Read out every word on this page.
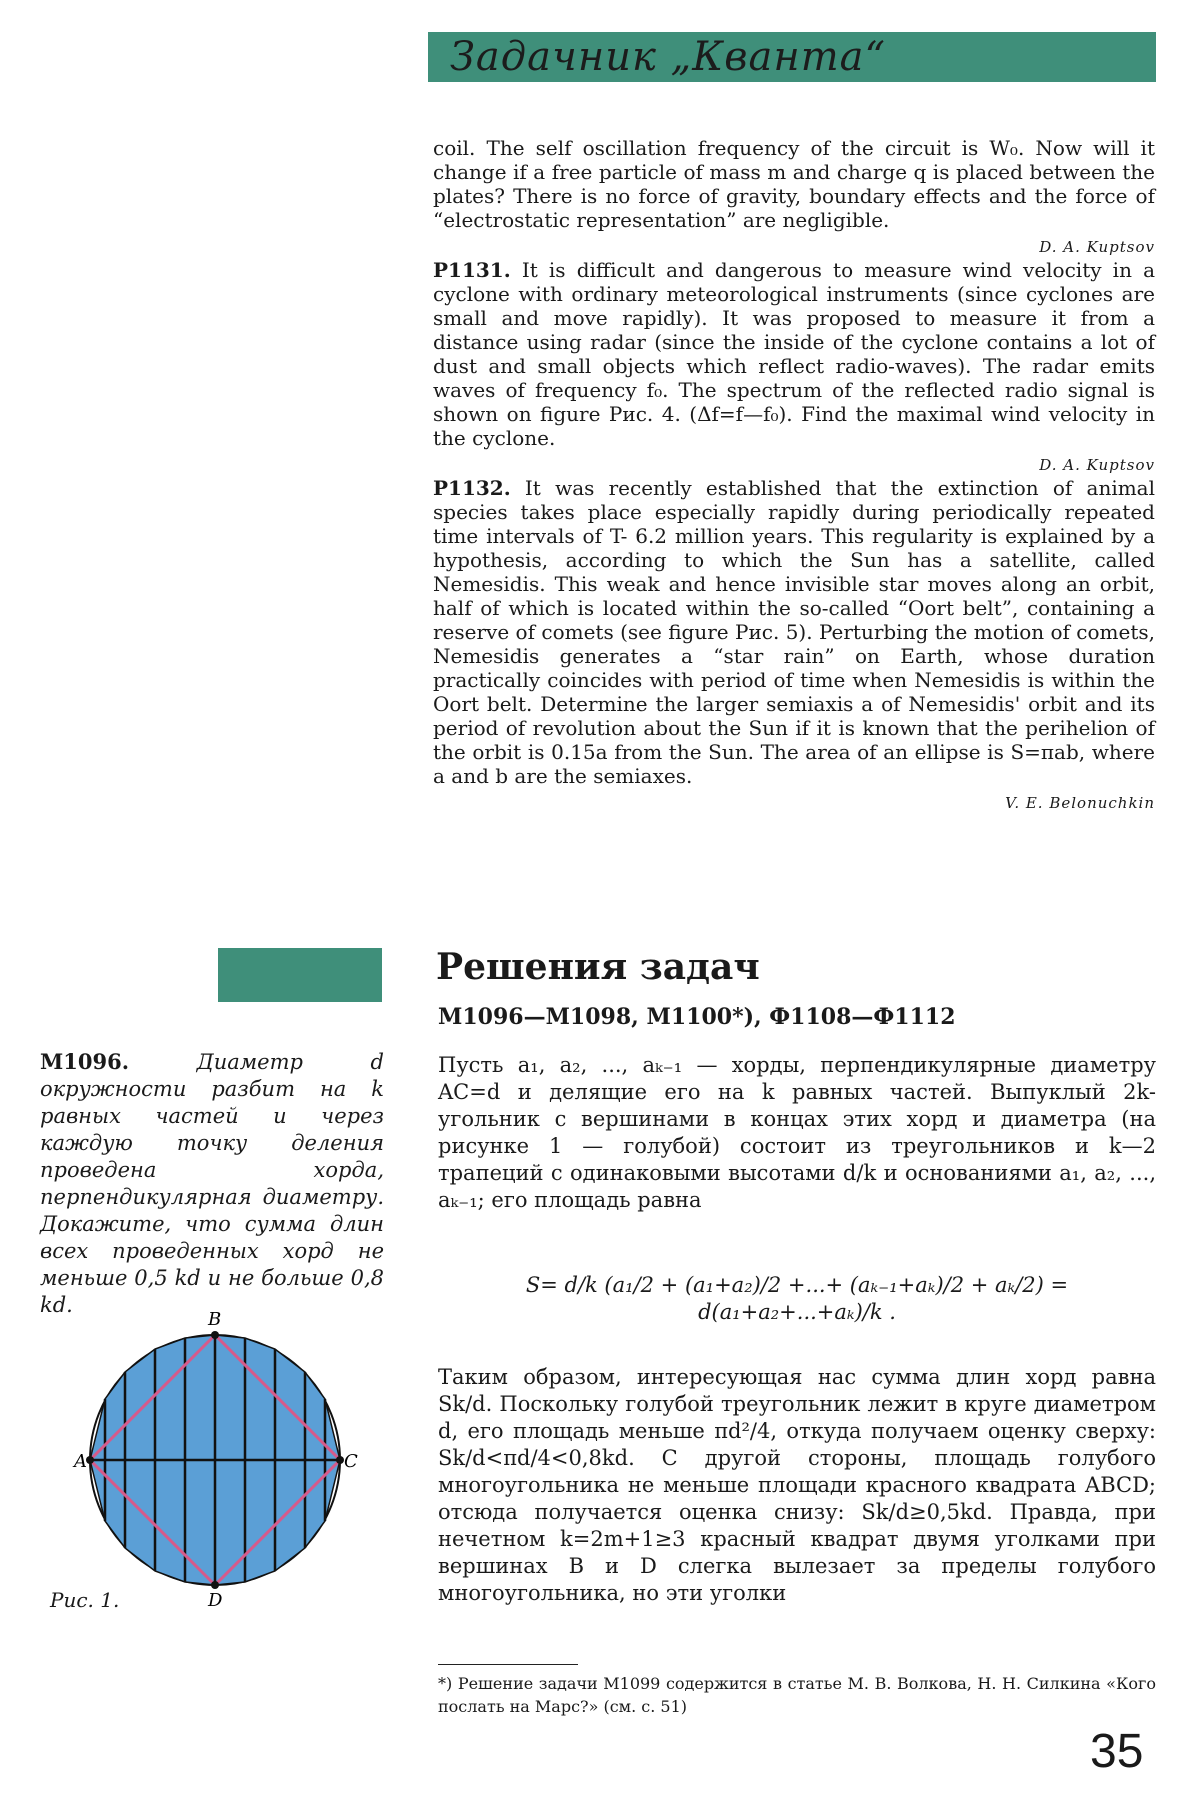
Задачник „Кванта“

coil. The self oscillation frequency of the circuit is W₀. Now will it change if a free particle of mass m and charge q is placed between the plates? There is no force of gravity, boundary effects and the force of “electrostatic representation” are negligible.

D. A. Kuptsov

P1131. It is difficult and dangerous to measure wind velocity in a cyclone with ordinary meteorological instruments (since cyclones are small and move rapidly). It was proposed to measure it from a distance using radar (since the inside of the cyclone contains a lot of dust and small objects which reflect radio-waves). The radar emits waves of frequency f₀. The spectrum of the reflected radio signal is shown on figure Рис. 4. (Δf=f—f₀). Find the maximal wind velocity in the cyclone.

D. A. Kuptsov

P1132. It was recently established that the extinction of animal species takes place especially rapidly during periodically repeated time intervals of T- 6.2 million years. This regularity is explained by a hypothesis, according to which the Sun has a satellite, called Nemesidis. This weak and hence invisible star moves along an orbit, half of which is located within the so-called “Oort belt”, containing a reserve of comets (see figure Рис. 5). Perturbing the motion of comets, Nemesidis generates a “star rain” on Earth, whose duration practically coincides with period of time when Nemesidis is within the Oort belt. Determine the larger semiaxis a of Nemesidis' orbit and its period of revolution about the Sun if it is known that the perihelion of the orbit is 0.15a from the Sun. The area of an ellipse is S=πab, where a and b are the semiaxes.

V. E. Belonuchkin

Решения задач
M1096—M1098, M1100*), Ф1108—Ф1112
M1096.	Диаметр d окружности разбит на k равных частей и через каждую точку деления проведена хорда, перпендикулярная диаметру. Докажите, что сумма длин всех проведенных хорд не меньше 0,5 kd и не больше 0,8 kd.
A
B
C
D
Рис. 1.
Пусть a₁, a₂, ..., aₖ₋₁ — хорды, перпендикулярные диаметру AC=d и делящие его на k равных частей. Выпуклый 2k-угольник с вершинами в концах этих хорд и диаметра (на рисунке 1 — голубой) состоит из треугольников и k—2 трапеций с одинаковыми высотами d/k и основаниями a₁, a₂, ..., aₖ₋₁; его площадь равна
S= d/k (a₁/2 + (a₁+a₂)/2 +...+ (aₖ₋₁+aₖ)/2 + aₖ/2) = d(a₁+a₂+...+aₖ)/k .
Таким образом, интересующая нас сумма длин хорд равна Sk/d. Поскольку голубой треугольник лежит в круге диаметром d, его площадь меньше πd²/4, откуда получаем оценку сверху: Sk/d<πd/4<0,8kd. С другой стороны, площадь голубого многоугольника не меньше площади красного квадрата ABCD; отсюда получается оценка снизу: Sk/d≥0,5kd. Правда, при нечетном k=2m+1≥3 красный квадрат двумя уголками при вершинах B и D слегка вылезает за пределы голубого многоугольника, но эти уголки
*) Решение задачи M1099 содержится в статье М. В. Волкова, Н. Н. Силкина «Кого послать на Марс?» (см. с. 51)
35
